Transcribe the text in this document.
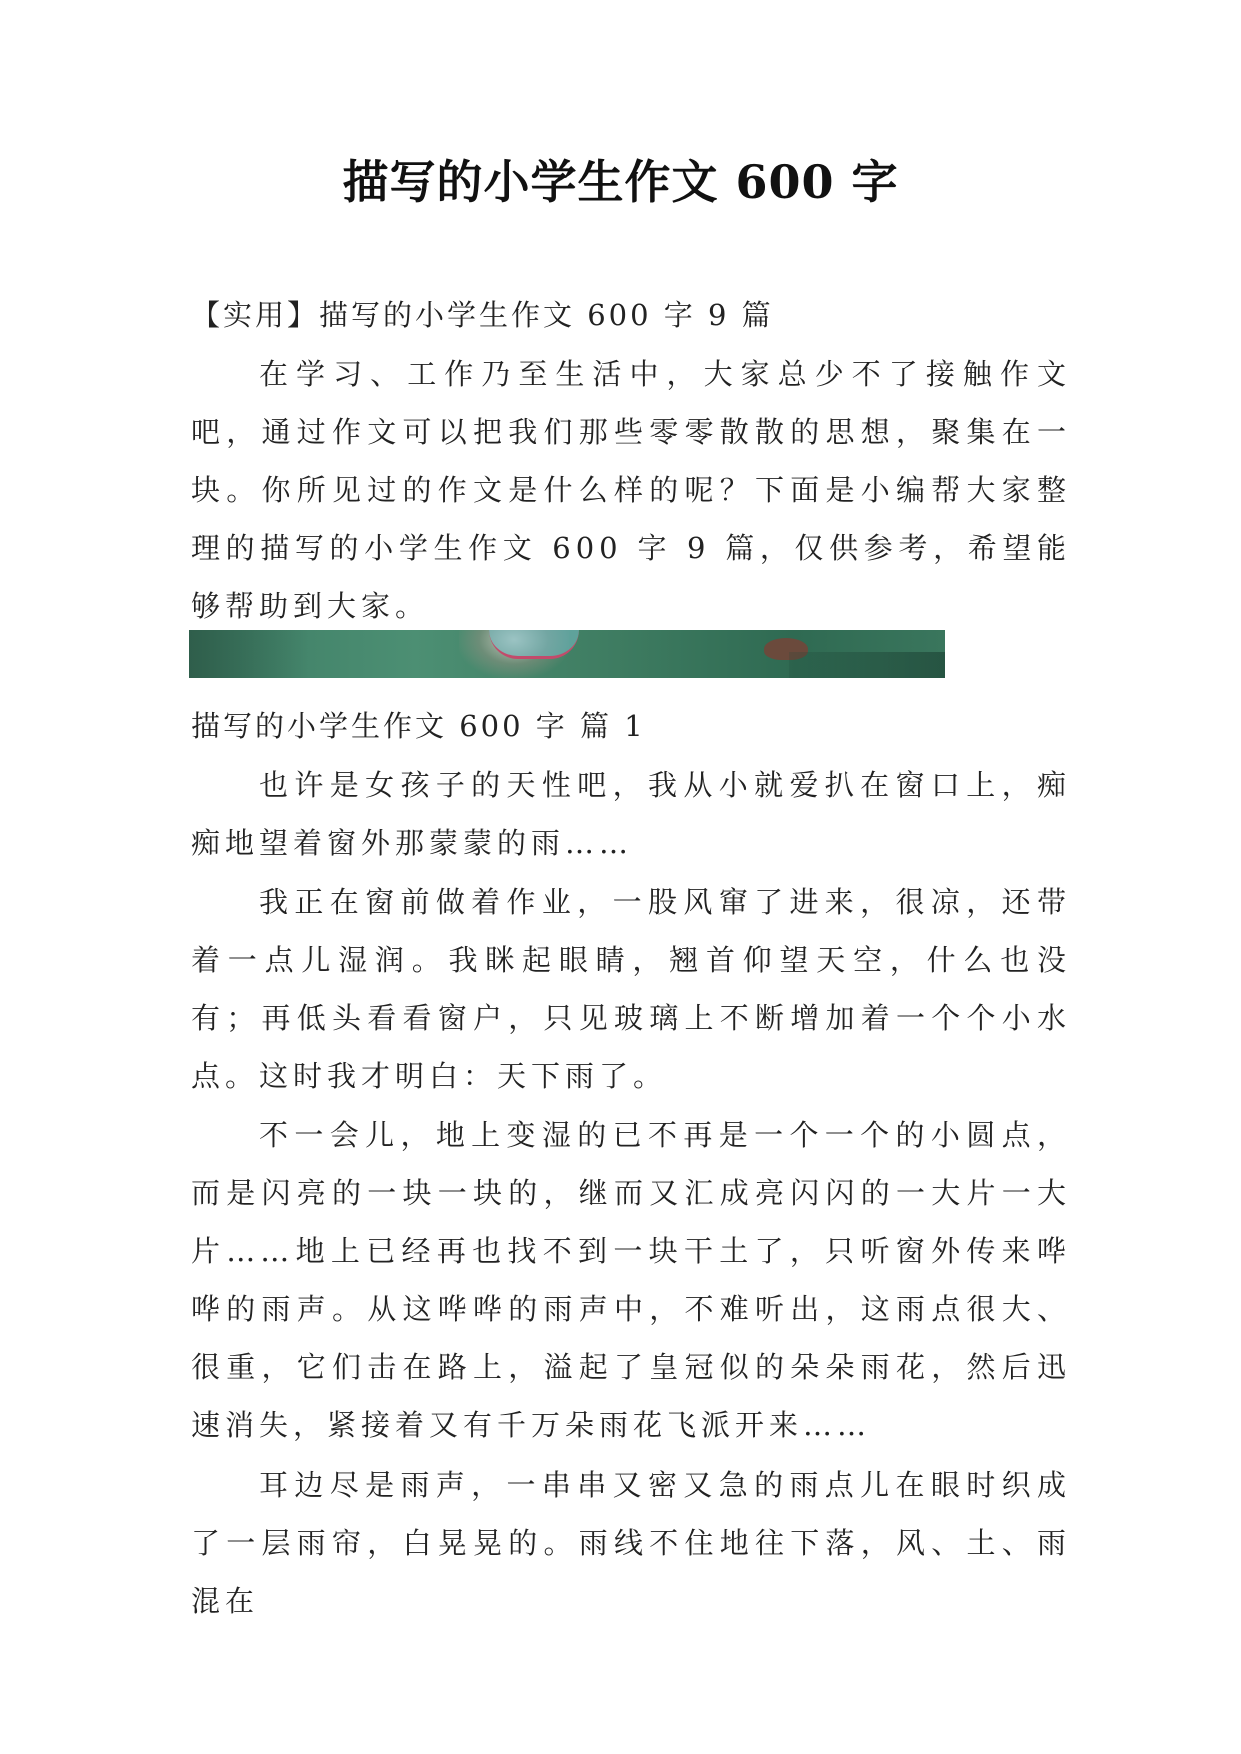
描写的小学生作文 600 字

【实用】描写的小学生作文 600 字 9 篇

在学习、工作乃至生活中，大家总少不了接触作文吧，通过作文可以把我们那些零零散散的思想，聚集在一块。你所见过的作文是什么样的呢？下面是小编帮大家整理的描写的小学生作文 600 字 9 篇，仅供参考，希望能够帮助到大家。

描写的小学生作文 600 字 篇 1

也许是女孩子的天性吧，我从小就爱扒在窗口上，痴痴地望着窗外那蒙蒙的雨……

我正在窗前做着作业，一股风窜了进来，很凉，还带着一点儿湿润。我眯起眼睛，翘首仰望天空，什么也没有；再低头看看窗户，只见玻璃上不断增加着一个个小水点。这时我才明白：天下雨了。

不一会儿，地上变湿的已不再是一个一个的小圆点，而是闪亮的一块一块的，继而又汇成亮闪闪的一大片一大片……地上已经再也找不到一块干土了，只听窗外传来哗哗的雨声。从这哗哗的雨声中，不难听出，这雨点很大、很重，它们击在路上，溢起了皇冠似的朵朵雨花，然后迅速消失，紧接着又有千万朵雨花飞派开来……

耳边尽是雨声，一串串又密又急的雨点儿在眼时织成了一层雨帘，白晃晃的。雨线不住地往下落，风、土、雨混在
